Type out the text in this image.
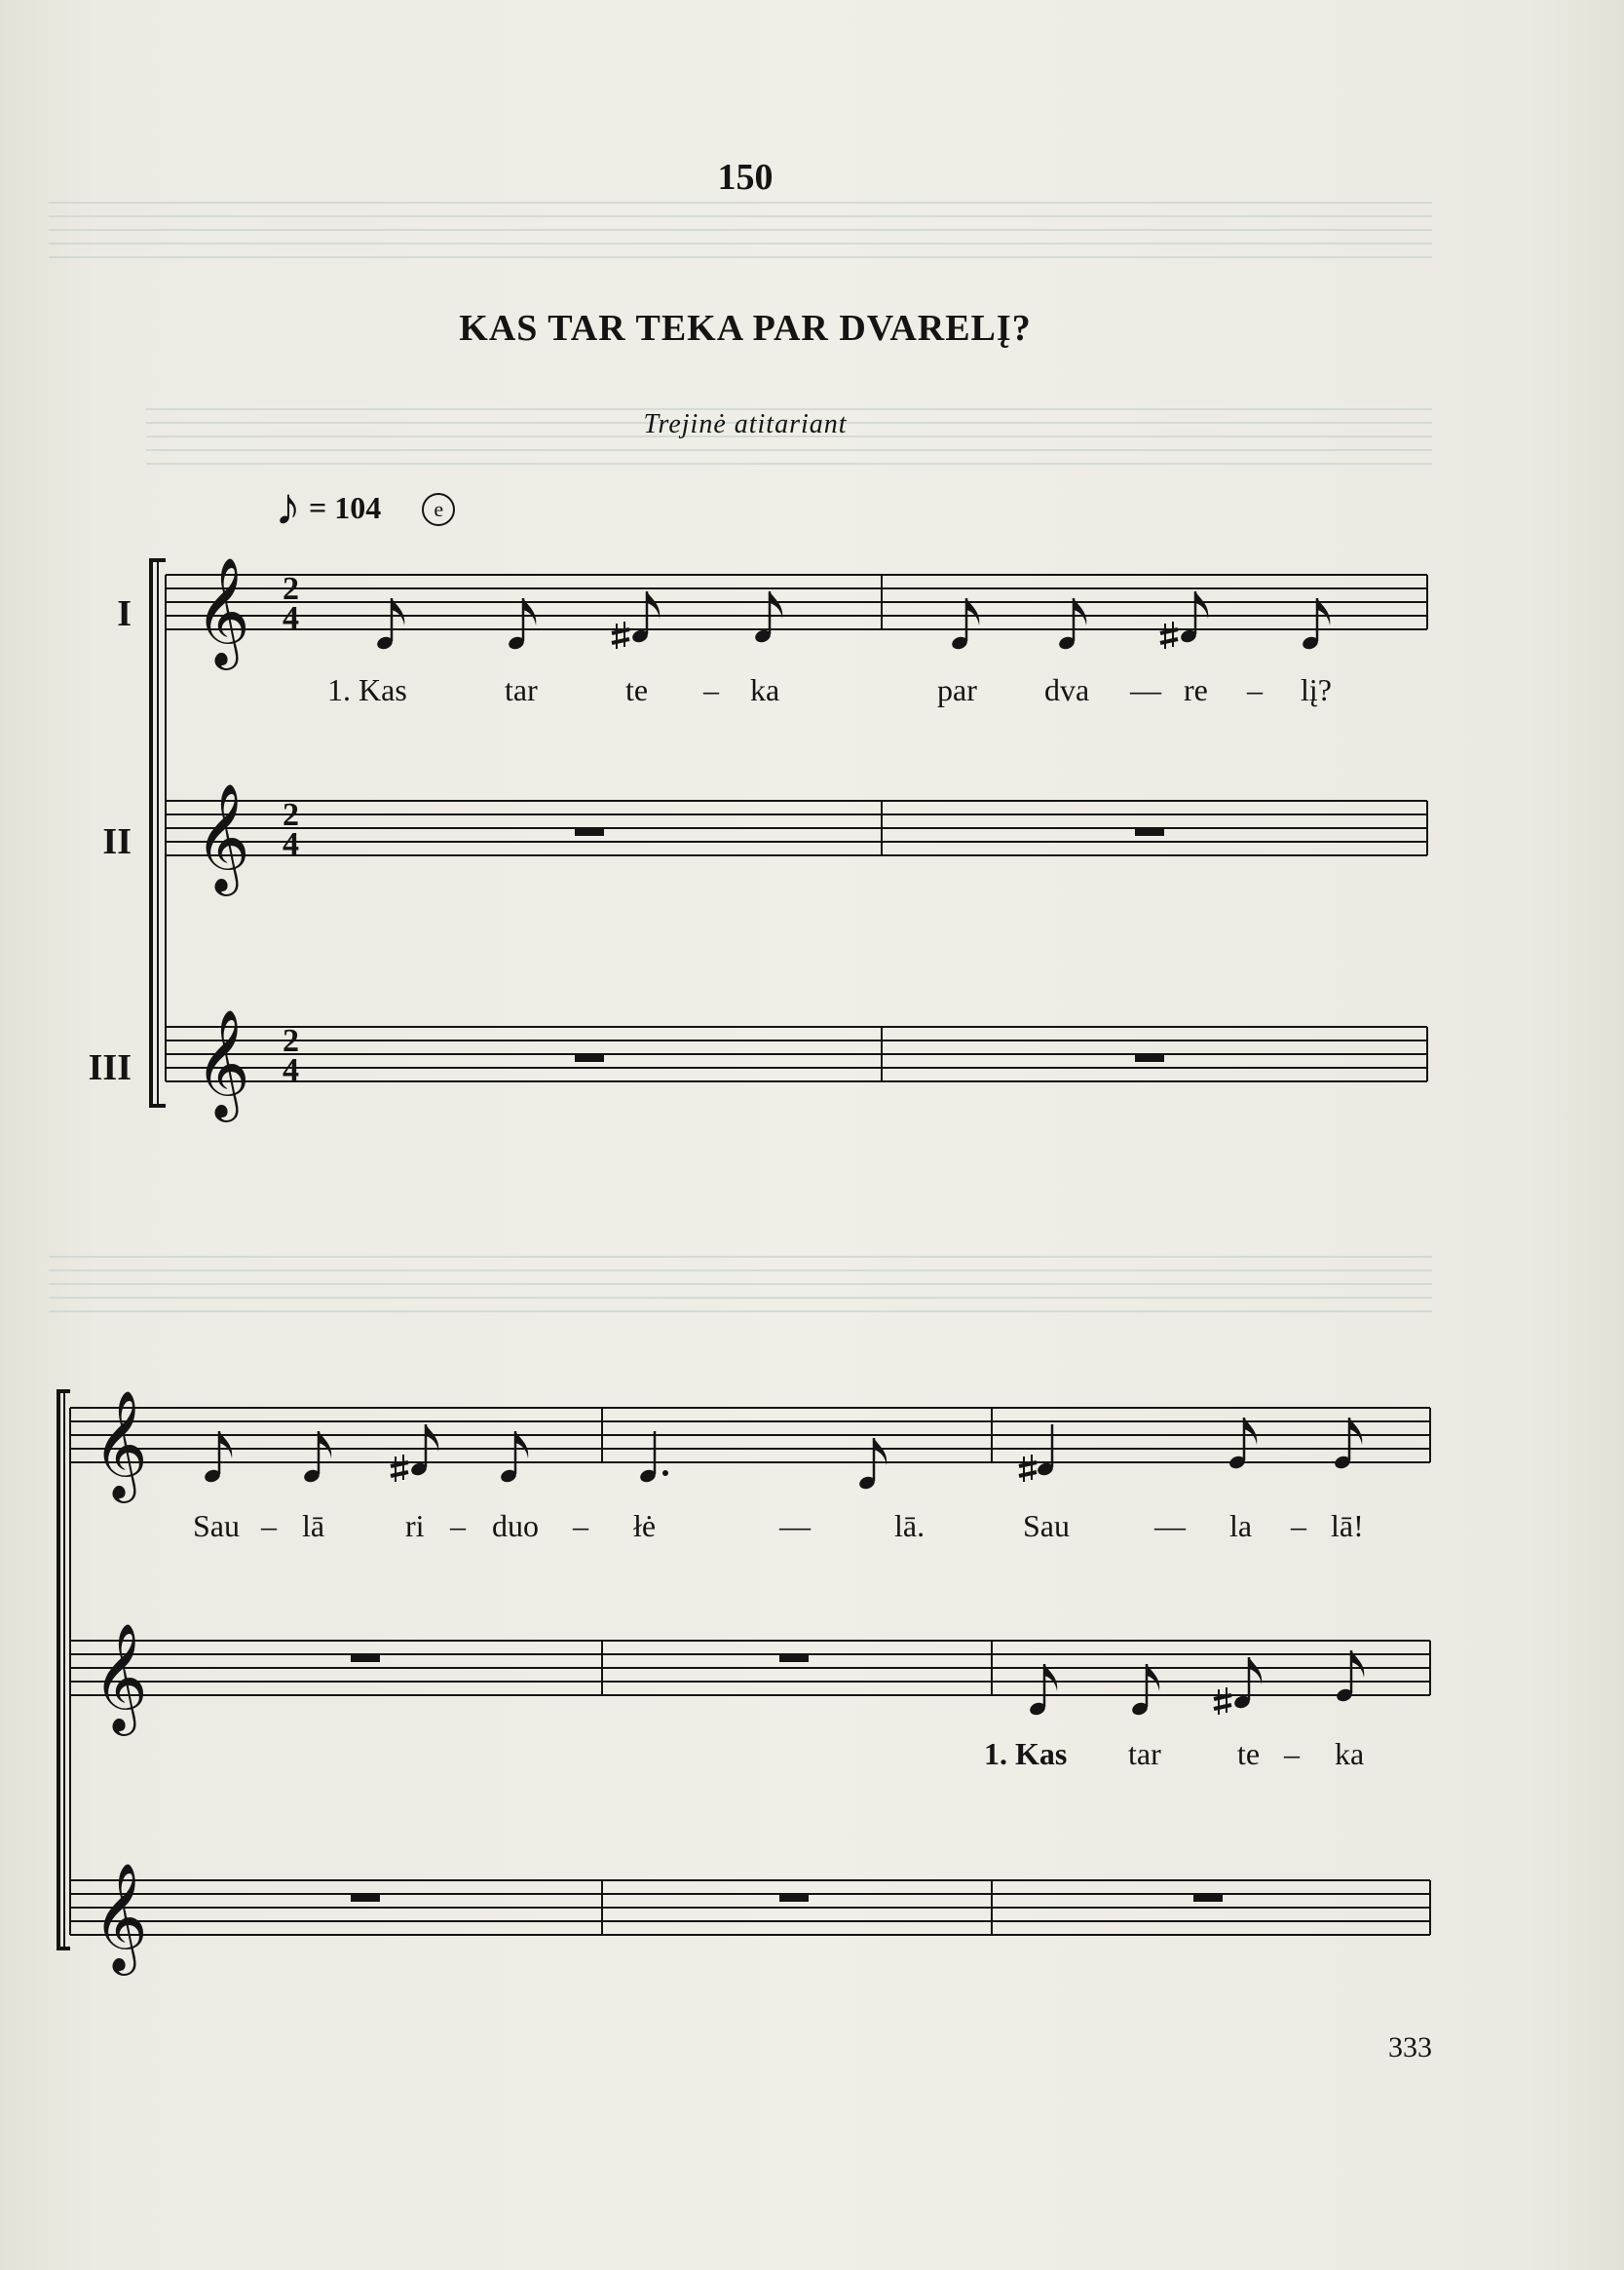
150
KAS TAR TEKA PAR DVARELĮ?
Trejinė atitariant
♪ = 104	e
I
II
III
𝄞
𝄞
𝄞
2
4
2
4
2
4
𝄞
𝄞
𝄞
1. Kas	tar	te – ka	par dva — re – lį?
Sau – lā	ri – duo – łė	—	lā.	Sau	— la – lā!
1. Kas tar te – ka
333
